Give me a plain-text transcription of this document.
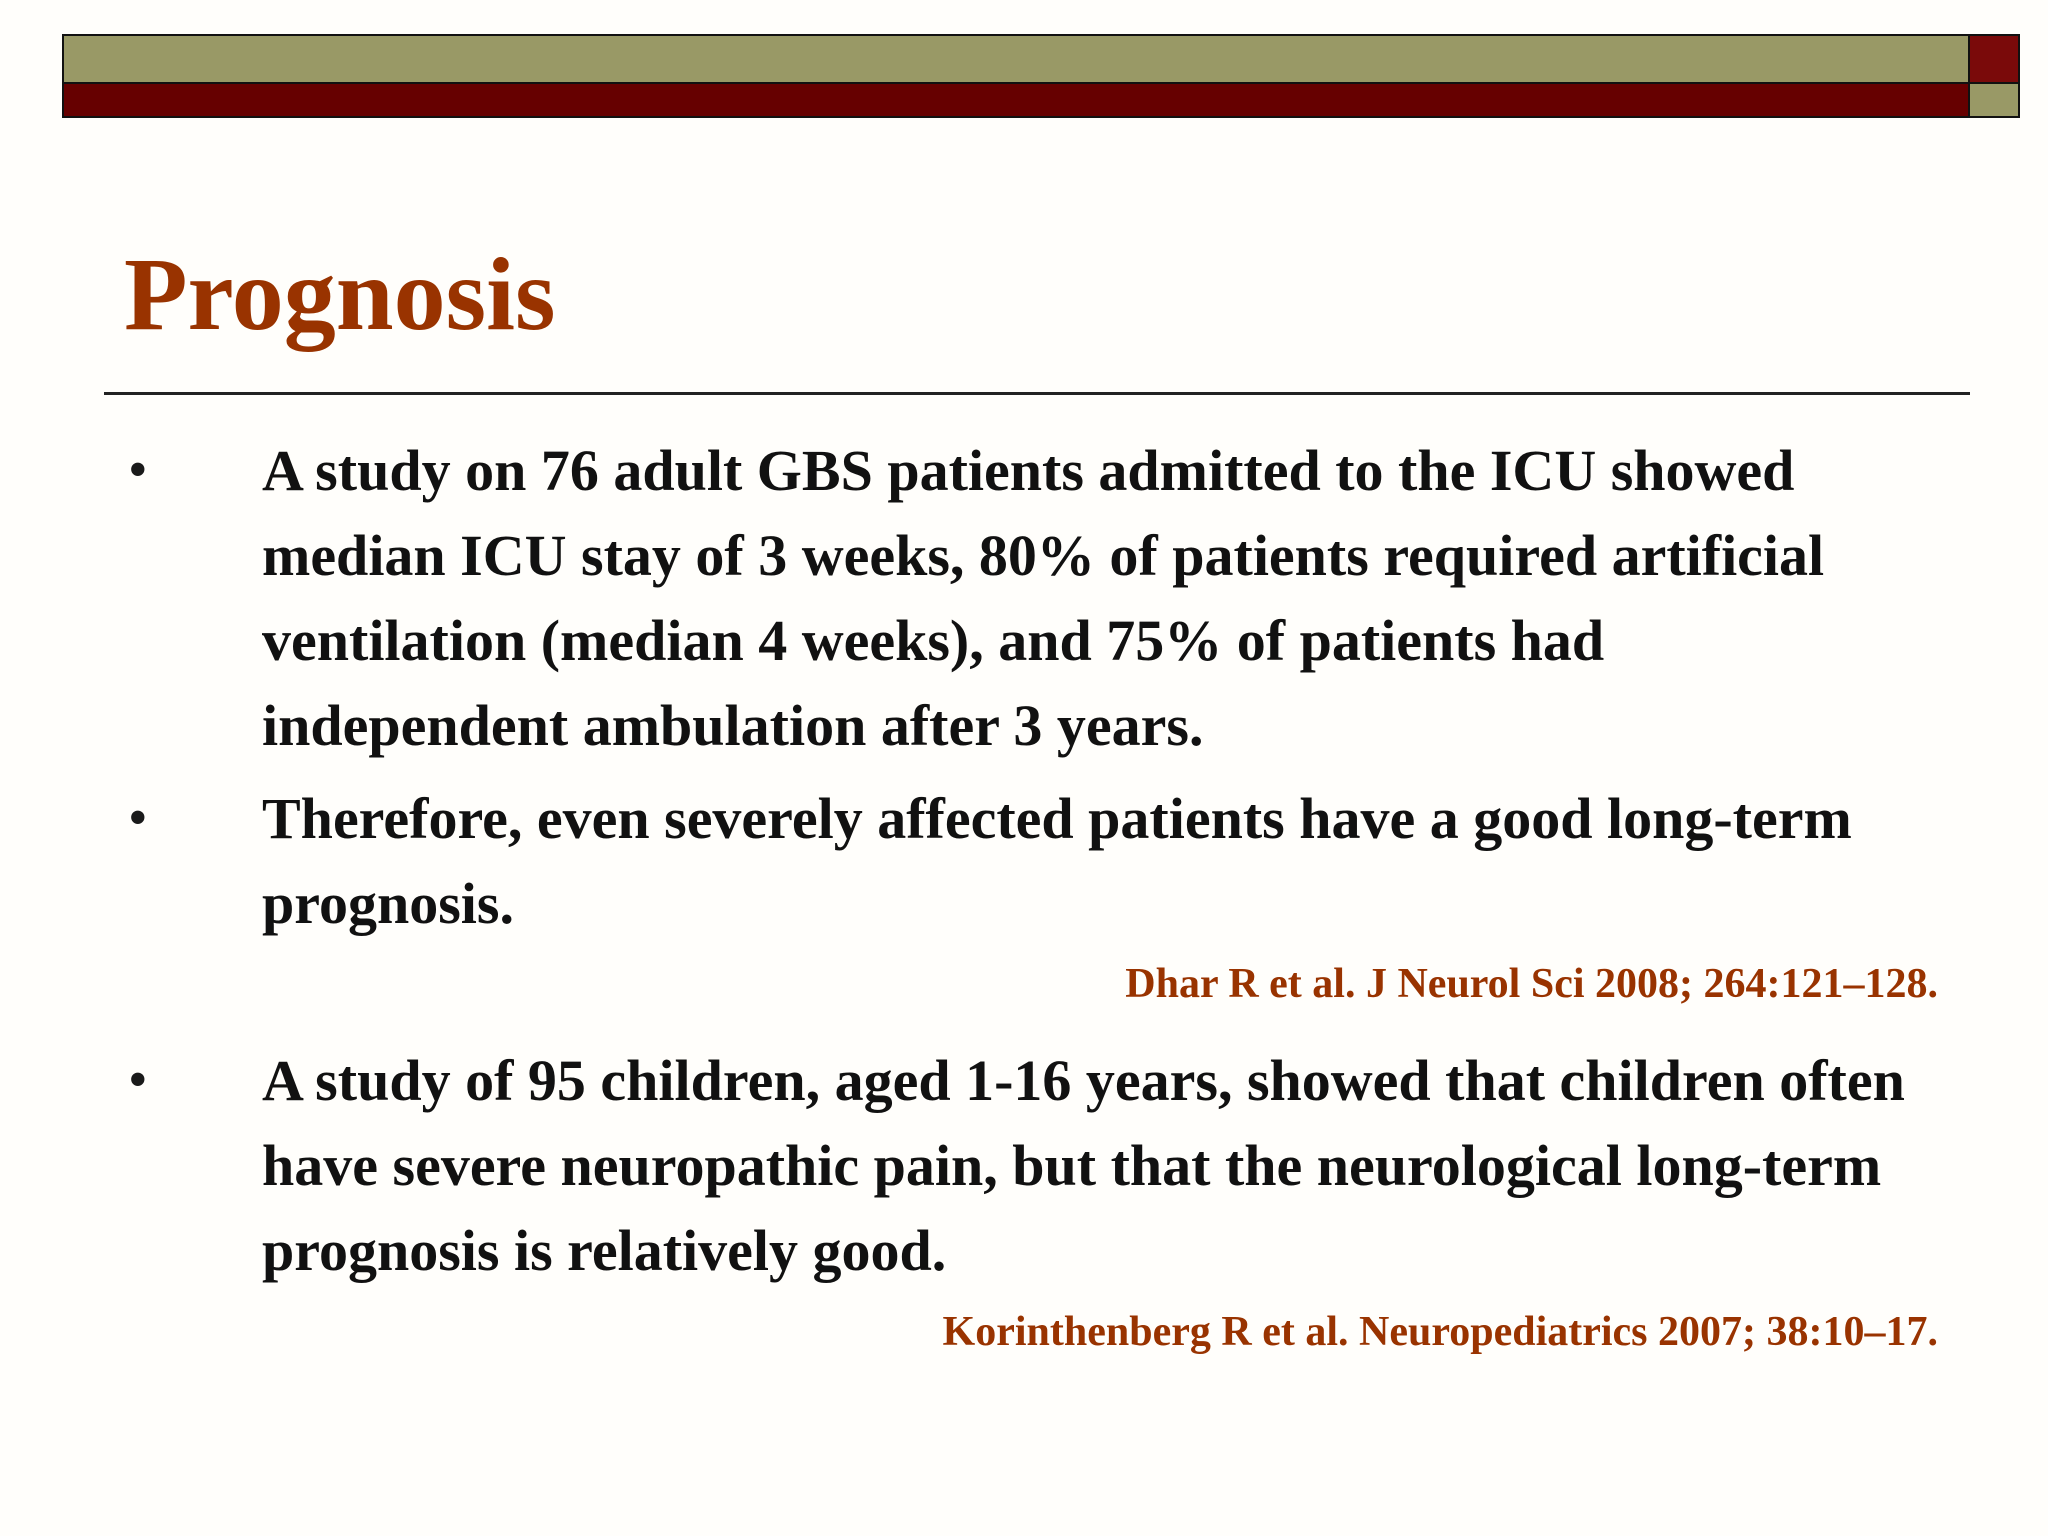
Prognosis
• A study on 76 adult GBS patients admitted to the ICU showed median ICU stay of 3 weeks, 80% of patients required artificial ventilation (median 4 weeks), and 75% of patients had independent ambulation after 3 years.

• Therefore, even severely affected patients have a good long-term prognosis.

Dhar R et al. J Neurol Sci 2008; 264:121–128.

• A study of 95 children, aged 1-16 years, showed that children often have severe neuropathic pain, but that the neurological long-term prognosis is relatively good.

Korinthenberg R et al. Neuropediatrics 2007; 38:10–17.
